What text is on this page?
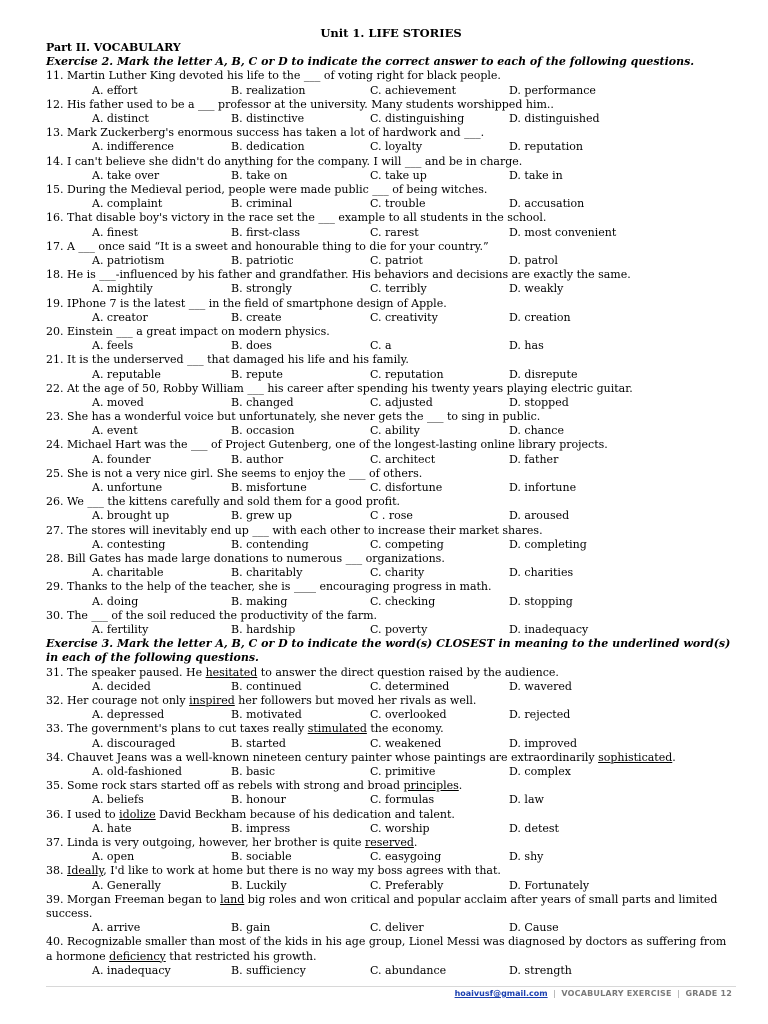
Unit 1. LIFE STORIES
Part II. VOCABULARY
Exercise 2. Mark the letter A, B, C or D to indicate the correct answer to each of the following questions.
11. Martin Luther King devoted his life to the ___ of voting right for black people.
A. effort	B. realization	C. achievement	D. performance
12. His father used to be a ___ professor at the university. Many students worshipped him..
A. distinct	B. distinctive	C. distinguishing	D. distinguished
13. Mark Zuckerberg's enormous success has taken a lot of hardwork and ___.
A. indifference	B. dedication	C. loyalty	D. reputation
14. I can't believe she didn't do anything for the company. I will ___ and be in charge.
A. take over	B. take on	C. take up	D. take in
15. During the Medieval period, people were made public ___ of being witches.
A. complaint	B. criminal	C. trouble	D. accusation
16. That disable boy's victory in the race set the ___ example to all students in the school.
A. finest	B. first-class	C. rarest	D. most convenient
17. A ___ once said “It is a sweet and honourable thing to die for your country.”
A. patriotism	B. patriotic	C. patriot	D. patrol
18. He is ___-influenced by his father and grandfather. His behaviors and decisions are exactly the same.
A. mightily	B. strongly	C. terribly	D. weakly
19. IPhone 7 is the latest ___ in the field of smartphone design of Apple.
A. creator	B. create	C. creativity	D. creation
20. Einstein ___ a great impact on modern physics.
A. feels	B. does	C. a	D. has
21. It is the underserved ___ that damaged his life and his family.
A. reputable	B. repute	C. reputation	D. disrepute
22. At the age of 50, Robby William ___ his career after spending his twenty years playing electric guitar.
A. moved	B. changed	C. adjusted	D. stopped
23. She has a wonderful voice but unfortunately, she never gets the ___ to sing in public.
A. event	B. occasion	C. ability	D. chance
24. Michael Hart was the ___ of Project Gutenberg, one of the longest-lasting online library projects.
A. founder	B. author	C. architect	D. father
25. She is not a very nice girl. She seems to enjoy the ___ of others.
A. unfortune	B. misfortune	C. disfortune	D. infortune
26. We ___ the kittens carefully and sold them for a good profit.
A. brought up	B. grew up	C . rose	D. aroused
27. The stores will inevitably end up ___ with each other to increase their market shares.
A. contesting	B. contending	C. competing	D. completing
28. Bill Gates has made large donations to numerous ___ organizations.
A. charitable	B. charitably	C. charity	D. charities
29. Thanks to the help of the teacher, she is ____ encouraging progress in math.
A. doing	B. making	C. checking	D. stopping
30. The ___ of the soil reduced the productivity of the farm.
A. fertility	B. hardship	C. poverty	D. inadequacy
Exercise 3. Mark the letter A, B, C or D to indicate the word(s) CLOSEST in meaning to the underlined word(s) in each of the following questions.
31. The speaker paused. He hesitated to answer the direct question raised by the audience.
A. decided	B. continued	C. determined	D. wavered
32. Her courage not only inspired her followers but moved her rivals as well.
A. depressed	B. motivated	C. overlooked	D. rejected
33. The government's plans to cut taxes really stimulated the economy.
A. discouraged	B. started	C. weakened	D. improved
34. Chauvet Jeans was a well-known nineteen century painter whose paintings are extraordinarily sophisticated.
A. old-fashioned	B. basic	C. primitive	D. complex
35. Some rock stars started off as rebels with strong and broad principles.
A. beliefs	B. honour	C. formulas	D. law
36. I used to idolize David Beckham because of his dedication and talent.
A. hate	B. impress	C. worship	D. detest
37. Linda is very outgoing, however, her brother is quite reserved.
A. open	B. sociable	C. easygoing	D. shy
38. Ideally, I'd like to work at home but there is no way my boss agrees with that.
A. Generally	B. Luckily	C. Preferably	D. Fortunately
39. Morgan Freeman began to land big roles and won critical and popular acclaim after years of small parts and limited success.
A. arrive	B. gain	C. deliver	D. Cause
40. Recognizable smaller than most of the kids in his age group, Lionel Messi was diagnosed by doctors as suffering from a hormone deficiency that restricted his growth.
A. inadequacy	B. sufficiency	C. abundance	D. strength
hoaivusf@gmail.com | VOCABULARY EXERCISE | GRADE 12
